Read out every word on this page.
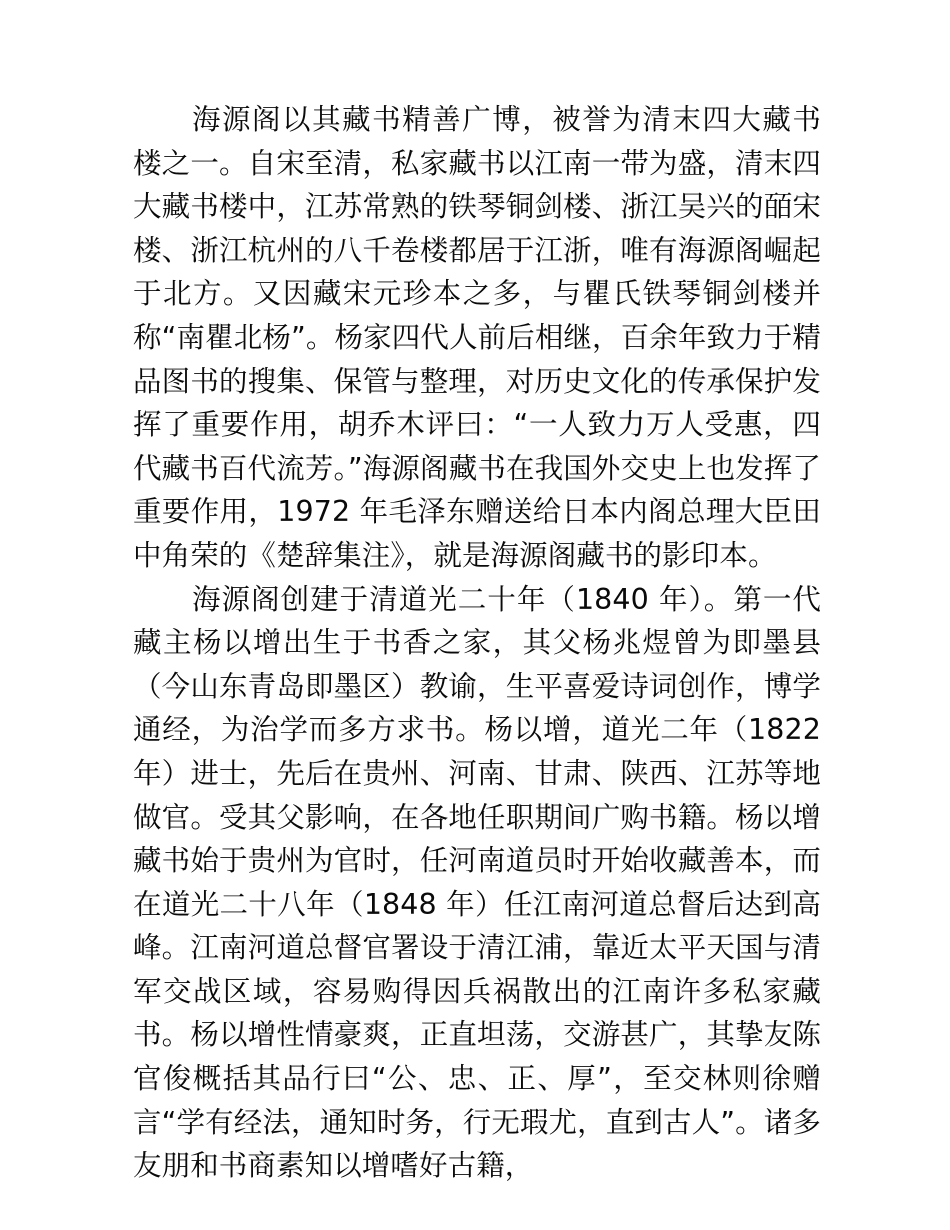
海源阁以其藏书精善广博，被誉为清末四大藏书楼之一。自宋至清，私家藏书以江南一带为盛，清末四大藏书楼中，江苏常熟的铁琴铜剑楼、浙江吴兴的皕宋楼、浙江杭州的八千卷楼都居于江浙，唯有海源阁崛起于北方。又因藏宋元珍本之多，与瞿氏铁琴铜剑楼并称“南瞿北杨”。杨家四代人前后相继，百余年致力于精品图书的搜集、保管与整理，对历史文化的传承保护发挥了重要作用，胡乔木评曰：“一人致力万人受惠，四代藏书百代流芳。”海源阁藏书在我国外交史上也发挥了重要作用，1972 年毛泽东赠送给日本内阁总理大臣田中角荣的《楚辞集注》，就是海源阁藏书的影印本。

海源阁创建于清道光二十年（1840 年）。第一代藏主杨以增出生于书香之家，其父杨兆煜曾为即墨县（今山东青岛即墨区）教谕，生平喜爱诗词创作，博学通经，为治学而多方求书。杨以增，道光二年（1822 年）进士，先后在贵州、河南、甘肃、陕西、江苏等地做官。受其父影响，在各地任职期间广购书籍。杨以增藏书始于贵州为官时，任河南道员时开始收藏善本，而在道光二十八年（1848 年）任江南河道总督后达到高峰。江南河道总督官署设于清江浦，靠近太平天国与清军交战区域，容易购得因兵祸散出的江南许多私家藏书。杨以增性情豪爽，正直坦荡，交游甚广，其挚友陈官俊概括其品行曰“公、忠、正、厚”，至交林则徐赠言“学有经法，通知时务，行无瑕尤，直到古人”。诸多友朋和书商素知以增嗜好古籍，
